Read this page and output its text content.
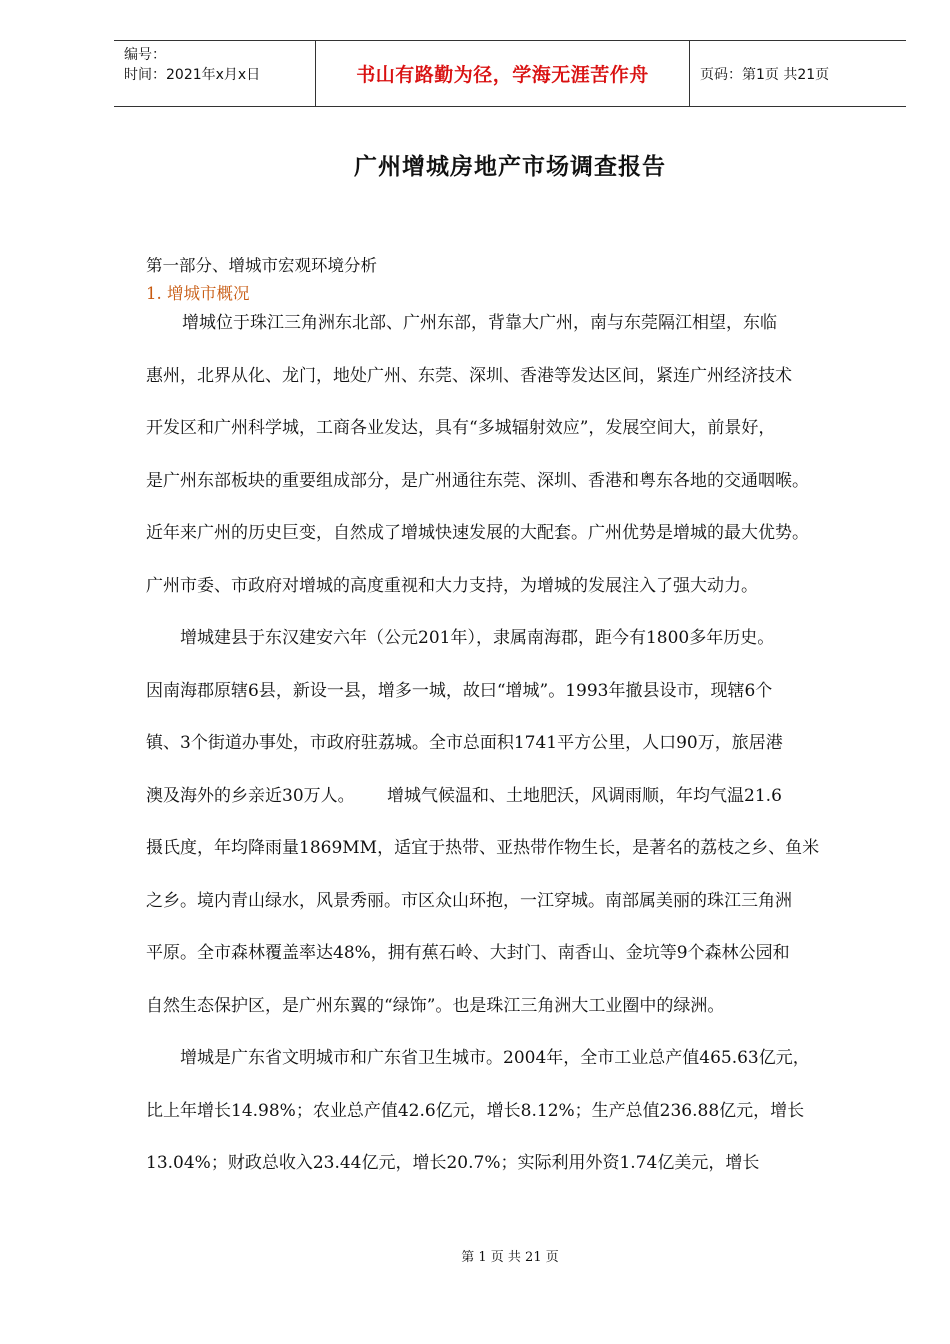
编号：
时间：2021年x月x日	书山有路勤为径，学海无涯苦作舟	页码：第1页 共21页
广州增城房地产市场调查报告
第一部分、增城市宏观环境分析
1. 增城市概况
增城位于珠江三角洲东北部、广州东部，背靠大广州，南与东莞隔江相望，东临
惠州，北界从化、龙门，地处广州、东莞、深圳、香港等发达区间，紧连广州经济技术
开发区和广州科学城，工商各业发达，具有“多城辐射效应”，发展空间大，前景好，
是广州东部板块的重要组成部分，是广州通往东莞、深圳、香港和粤东各地的交通咽喉。
近年来广州的历史巨变，自然成了增城快速发展的大配套。广州优势是增城的最大优势。
广州市委、市政府对增城的高度重视和大力支持，为增城的发展注入了强大动力。
增城建县于东汉建安六年（公元201年），隶属南海郡，距今有1800多年历史。
因南海郡原辖6县，新设一县，增多一城，故曰“增城”。1993年撤县设市，现辖6个
镇、3个街道办事处，市政府驻荔城。全市总面积1741平方公里，人口90万，旅居港
澳及海外的乡亲近30万人。      增城气候温和、土地肥沃，风调雨顺，年均气温21.6
摄氏度，年均降雨量1869MM，适宜于热带、亚热带作物生长，是著名的荔枝之乡、鱼米
之乡。境内青山绿水，风景秀丽。市区众山环抱，一江穿城。南部属美丽的珠江三角洲
平原。全市森林覆盖率达48%，拥有蕉石岭、大封门、南香山、金坑等9个森林公园和
自然生态保护区，是广州东翼的“绿饰”。也是珠江三角洲大工业圈中的绿洲。
增城是广东省文明城市和广东省卫生城市。2004年，全市工业总产值465.63亿元，
比上年增长14.98%；农业总产值42.6亿元，增长8.12%；生产总值236.88亿元，增长
13.04%；财政总收入23.44亿元，增长20.7%；实际利用外资1.74亿美元，增长
第 1 页 共 21 页
